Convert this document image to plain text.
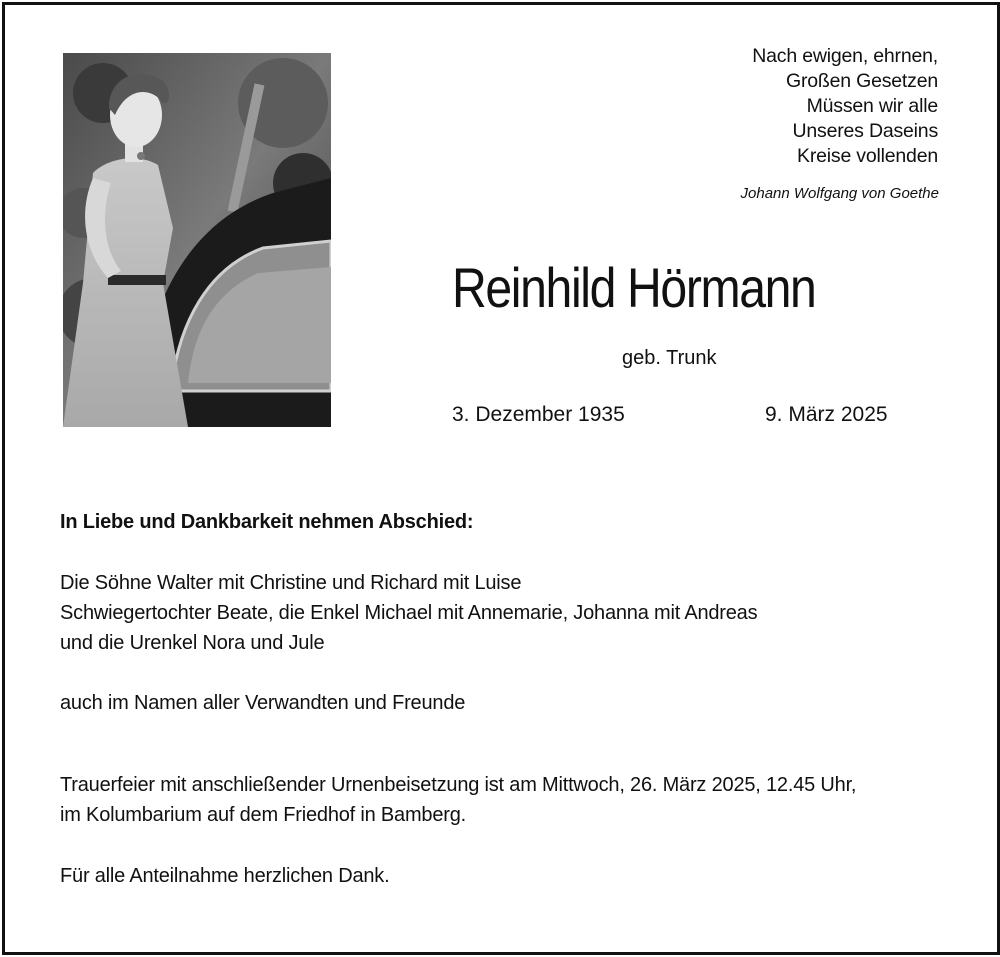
Nach ewigen, ehrnen,
Großen Gesetzen
Müssen wir alle
Unseres Daseins
Kreise vollenden
Johann Wolfgang von Goethe
Reinhild Hörmann
geb. Trunk
3. Dezember 1935	9. März 2025
In Liebe und Dankbarkeit nehmen Abschied:
Die Söhne Walter mit Christine und Richard mit Luise
Schwiegertochter Beate, die Enkel Michael mit Annemarie, Johanna mit Andreas
und die Urenkel Nora und Jule
auch im Namen aller Verwandten und Freunde
Trauerfeier mit anschließender Urnenbeisetzung ist am Mittwoch, 26. März 2025, 12.45 Uhr,
im Kolumbarium auf dem Friedhof in Bamberg.
Für alle Anteilnahme herzlichen Dank.
